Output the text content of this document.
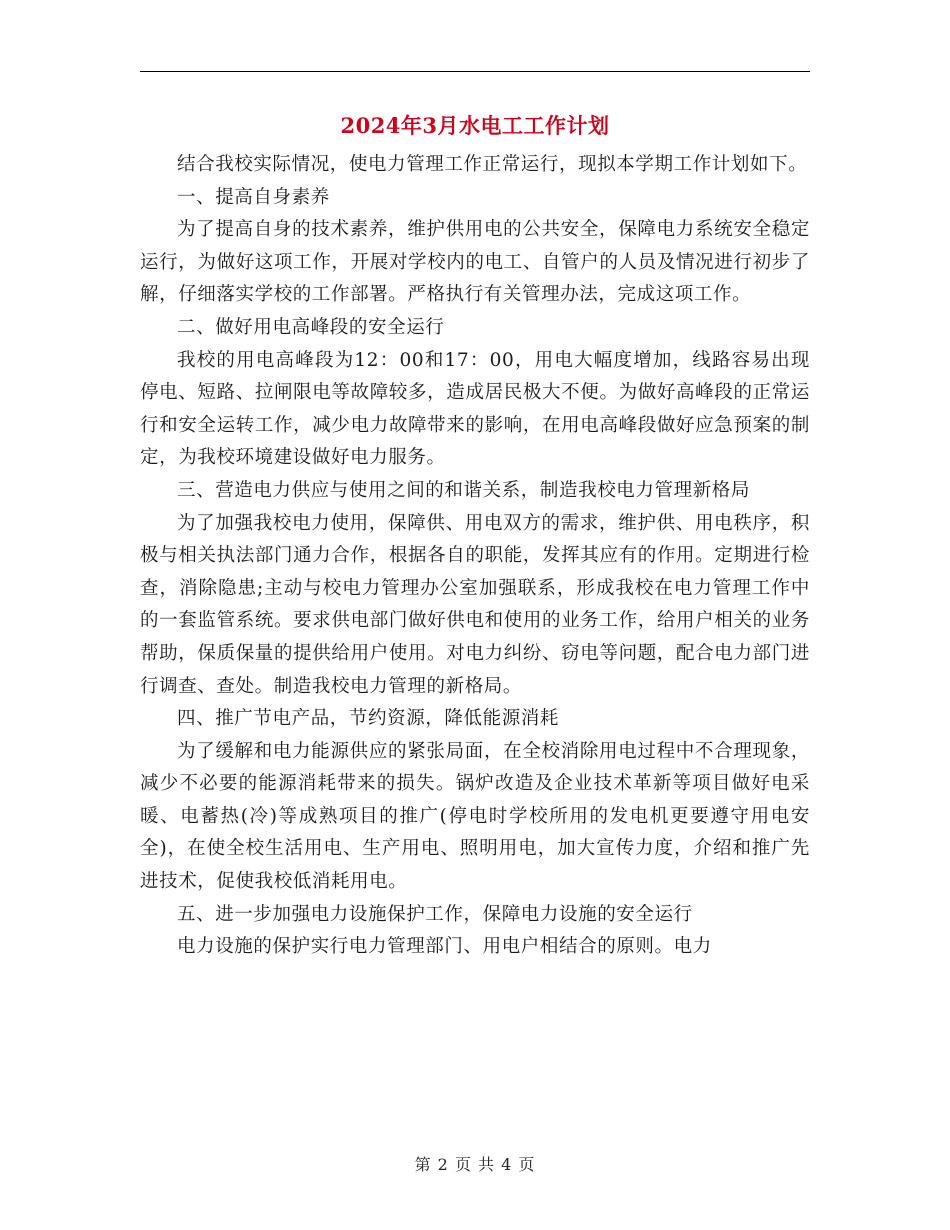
2024年3月水电工工作计划

结合我校实际情况，使电力管理工作正常运行，现拟本学期工作计划如下。

一、提高自身素养

为了提高自身的技术素养，维护供用电的公共安全，保障电力系统安全稳定运行，为做好这项工作，开展对学校内的电工、自管户的人员及情况进行初步了解，仔细落实学校的工作部署。严格执行有关管理办法，完成这项工作。

二、做好用电高峰段的安全运行

我校的用电高峰段为12：00和17：00，用电大幅度增加，线路容易出现停电、短路、拉闸限电等故障较多，造成居民极大不便。为做好高峰段的正常运行和安全运转工作，减少电力故障带来的影响，在用电高峰段做好应急预案的制定，为我校环境建设做好电力服务。

三、营造电力供应与使用之间的和谐关系，制造我校电力管理新格局

为了加强我校电力使用，保障供、用电双方的需求，维护供、用电秩序，积极与相关执法部门通力合作，根据各自的职能，发挥其应有的作用。定期进行检查，消除隐患;主动与校电力管理办公室加强联系，形成我校在电力管理工作中的一套监管系统。要求供电部门做好供电和使用的业务工作，给用户相关的业务帮助，保质保量的提供给用户使用。对电力纠纷、窃电等问题，配合电力部门进行调查、查处。制造我校电力管理的新格局。

四、推广节电产品，节约资源，降低能源消耗

为了缓解和电力能源供应的紧张局面，在全校消除用电过程中不合理现象，减少不必要的能源消耗带来的损失。锅炉改造及企业技术革新等项目做好电采暖、电蓄热(冷)等成熟项目的推广(停电时学校所用的发电机更要遵守用电安全)，在使全校生活用电、生产用电、照明用电，加大宣传力度，介绍和推广先进技术，促使我校低消耗用电。

五、进一步加强电力设施保护工作，保障电力设施的安全运行

电力设施的保护实行电力管理部门、用电户相结合的原则。电力

第 2 页 共 4 页
